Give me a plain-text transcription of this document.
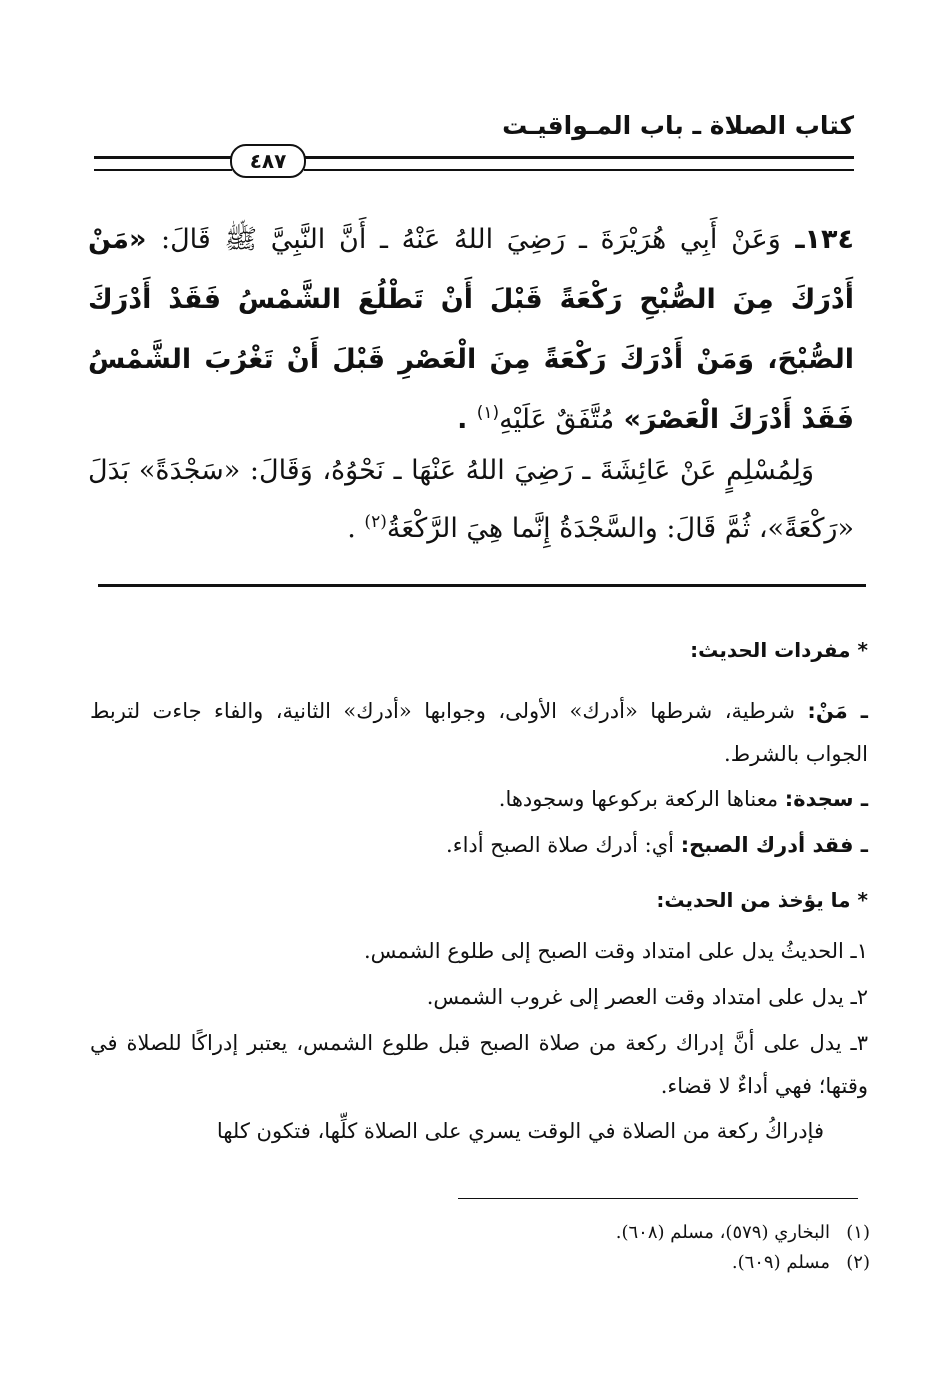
كتاب الصلاة ـ باب المـواقيـت
٤٨٧

١٣٤ـ وَعَنْ أَبِي هُرَيْرَةَ ـ رَضِيَ اللهُ عَنْهُ ـ أَنَّ النَّبِيَّ ﷺ قَالَ: «مَنْ أَدْرَكَ مِنَ الصُّبْحِ رَكْعَةً قَبْلَ أَنْ تَطْلُعَ الشَّمْسُ فَقَدْ أَدْرَكَ الصُّبْحَ، وَمَنْ أَدْرَكَ رَكْعَةً مِنَ الْعَصْرِ قَبْلَ أَنْ تَغْرُبَ الشَّمْسُ فَقَدْ أَدْرَكَ الْعَصْرَ» مُتَّفَقٌ عَلَيْهِ$^{(١)}$ .

وَلِمُسْلِمٍ عَنْ عَائِشَةَ ـ رَضِيَ اللهُ عَنْهَا ـ نَحْوُهُ، وَقَالَ: «سَجْدَةً» بَدَلَ «رَكْعَةً»، ثُمَّ قَالَ: والسَّجْدَةُ إِنَّما هِيَ الرَّكْعَةُ$^{(٢)}$ .
* مفردات الحديث:

ـ مَنْ: شرطية، شرطها «أدرك» الأولى، وجوابها «أدرك» الثانية، والفاء جاءت لتربط الجواب بالشرط.

ـ سجدة: معناها الركعة بركوعها وسجودها.

ـ فقد أدرك الصبح: أي: أدرك صلاة الصبح أداء.

* ما يؤخذ من الحديث:

١ـ الحديثُ يدل على امتداد وقت الصبح إلى طلوع الشمس.

٢ـ يدل على امتداد وقت العصر إلى غروب الشمس.

٣ـ يدل على أنَّ إدراك ركعة من صلاة الصبح قبل طلوع الشمس، يعتبر إدراكًا للصلاة في وقتها؛ فهي أداءٌ لا قضاء.

فإدراكُ ركعة من الصلاة في الوقت يسري على الصلاة كلِّها، فتكون كلها

(١)البخاري (٥٧٩)، مسلم (٦٠٨).
(٢)مسلم (٦٠٩).
